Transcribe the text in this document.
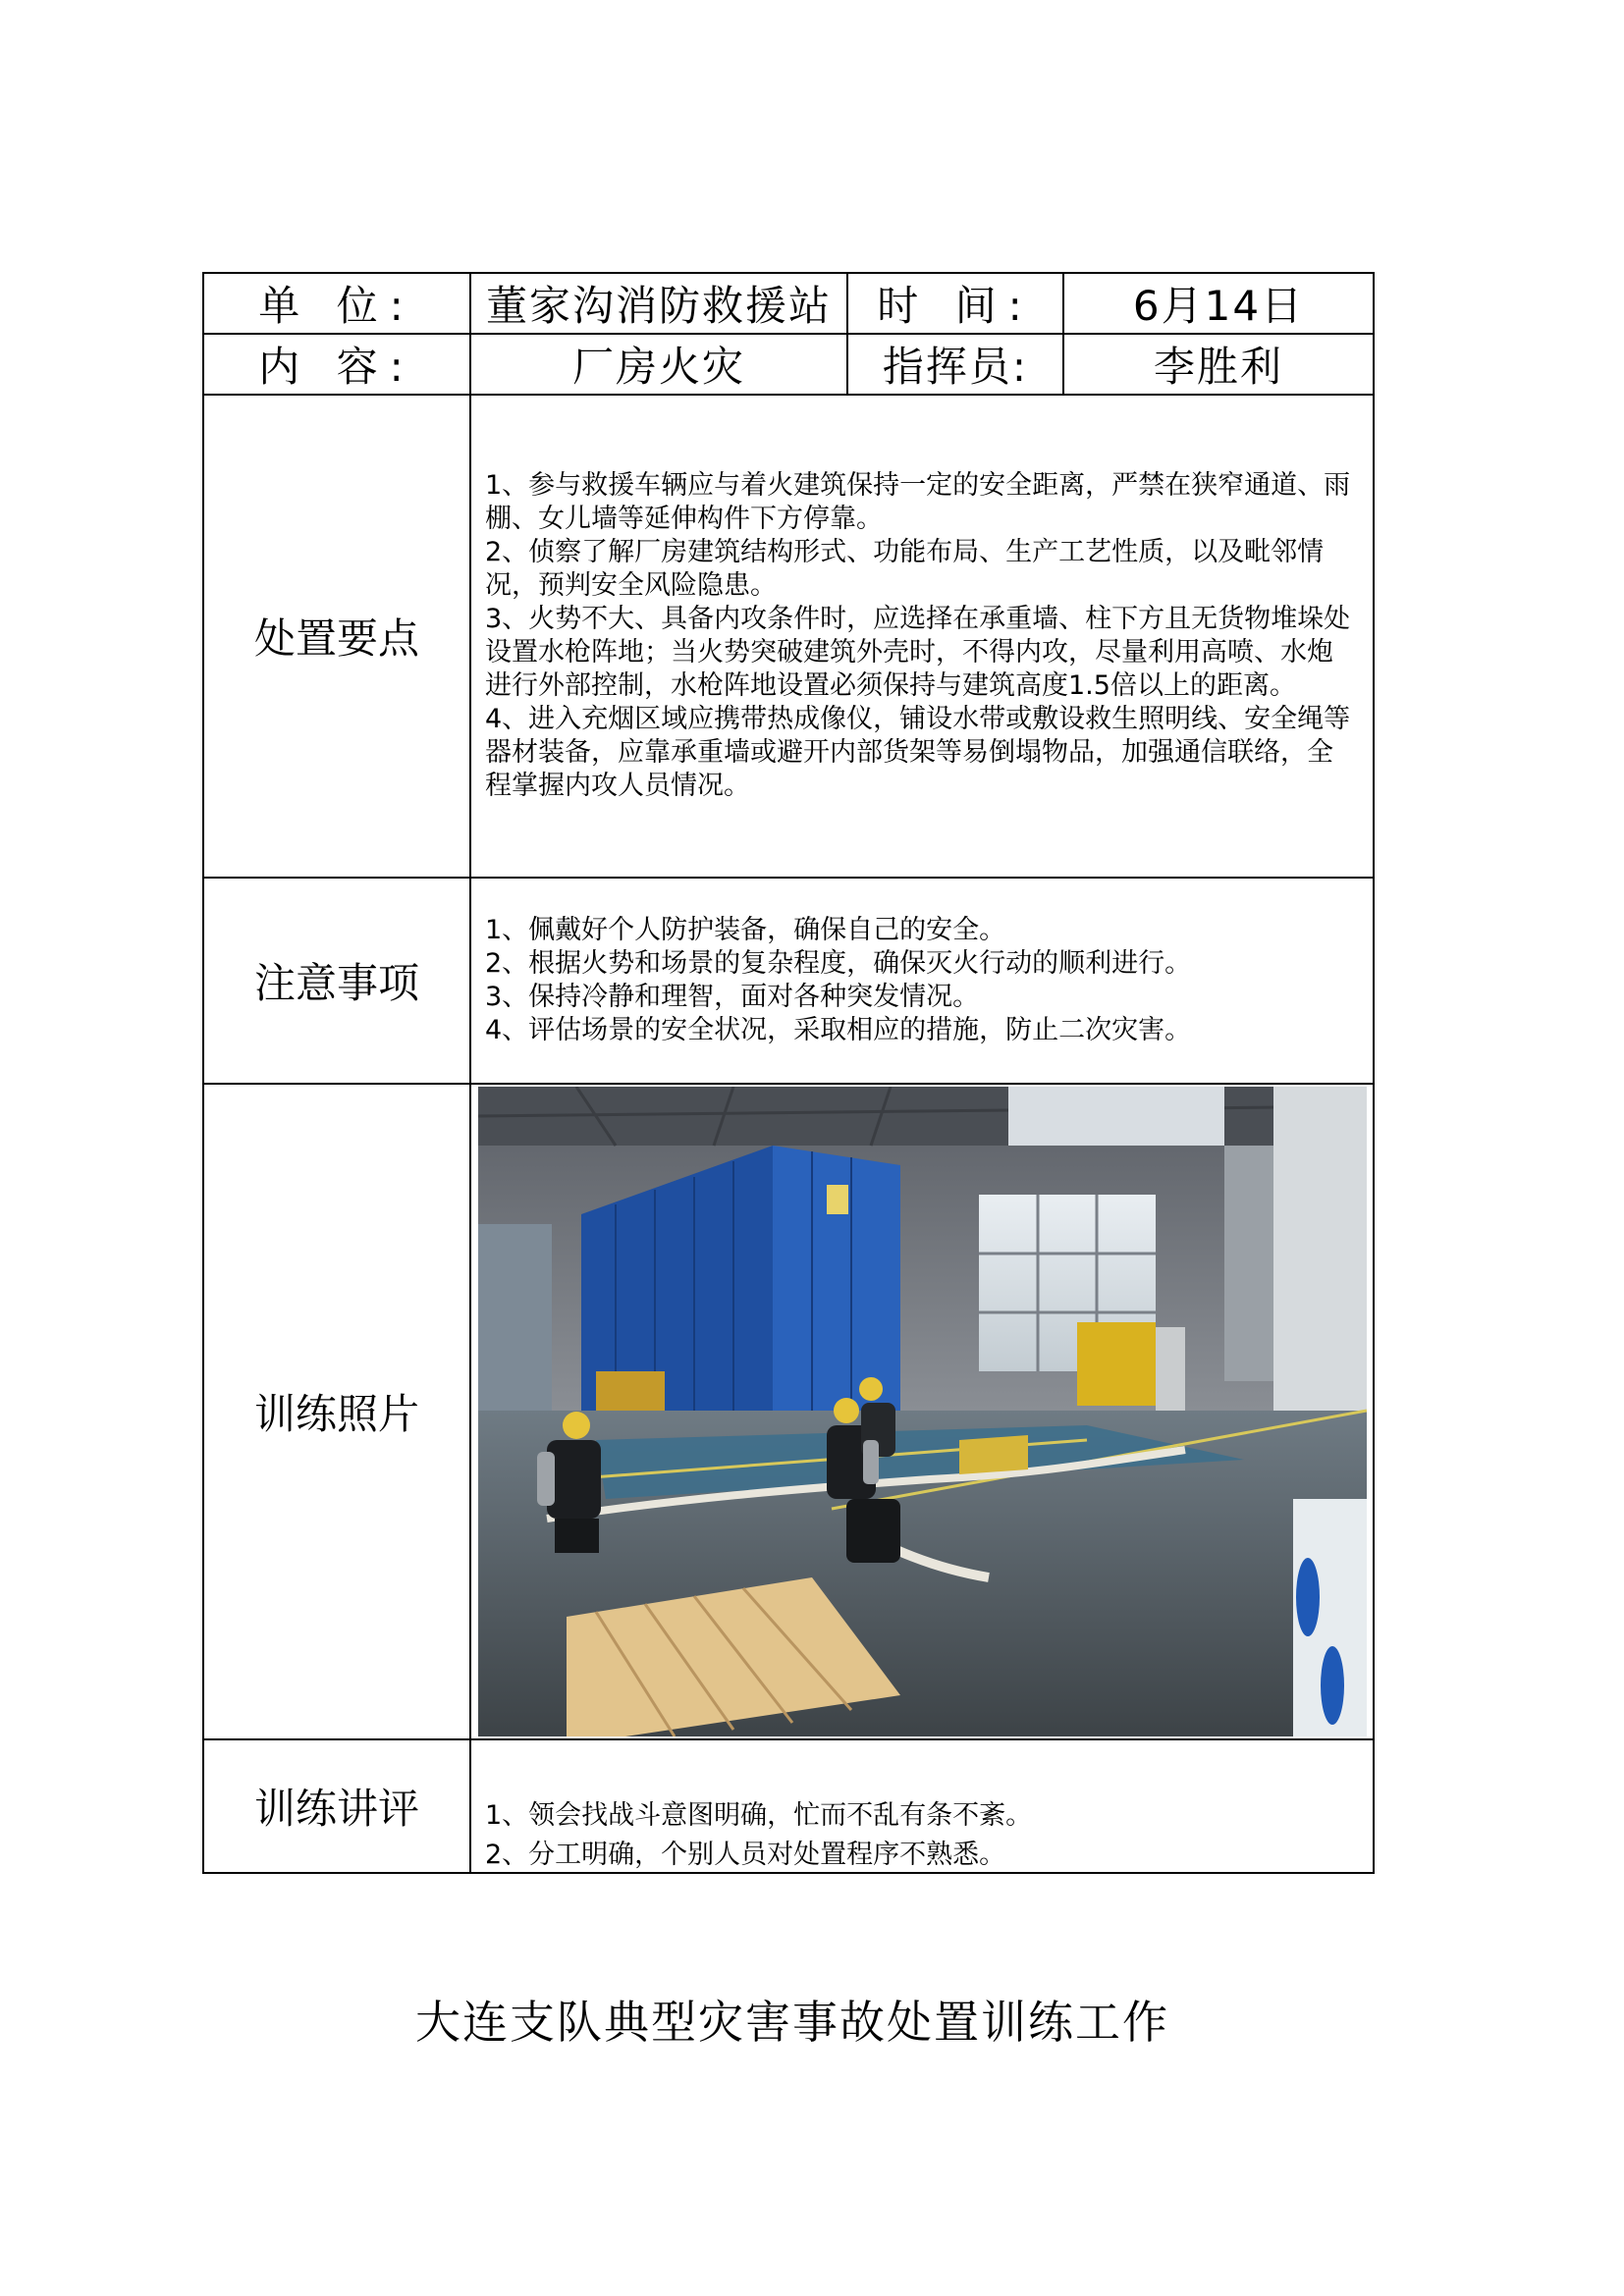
单 位:	董家沟消防救援站	时 间:	6月14日
内 容:	厂房火灾	指挥员:	李胜利
处置要点	1、参与救援车辆应与着火建筑保持一定的安全距离，严禁在狭窄通道、雨棚、女儿墙等延伸构件下方停靠。

2、侦察了解厂房建筑结构形式、功能布局、生产工艺性质，以及毗邻情况，预判安全风险隐患。

3、火势不大、具备内攻条件时，应选择在承重墙、柱下方且无货物堆垛处设置水枪阵地；当火势突破建筑外壳时，不得内攻，尽量利用高喷、水炮进行外部控制，水枪阵地设置必须保持与建筑高度1.5倍以上的距离。

4、进入充烟区域应携带热成像仪，铺设水带或敷设救生照明线、安全绳等器材装备，应靠承重墙或避开内部货架等易倒塌物品，加强通信联络，全程掌握内攻人员情况。		

注意事项	1、佩戴好个人防护装备，确保自己的安全。

2、根据火势和场景的复杂程度，确保灭火行动的顺利进行。

3、保持冷静和理智，面对各种突发情况。

4、评估场景的安全状况，采取相应的措施，防止二次灾害。		

训练照片	

训练讲评	1、领会找战斗意图明确，忙而不乱有条不紊。

2、分工明确，个别人员对处置程序不熟悉。		

大连支队典型灾害事故处置训练工作
